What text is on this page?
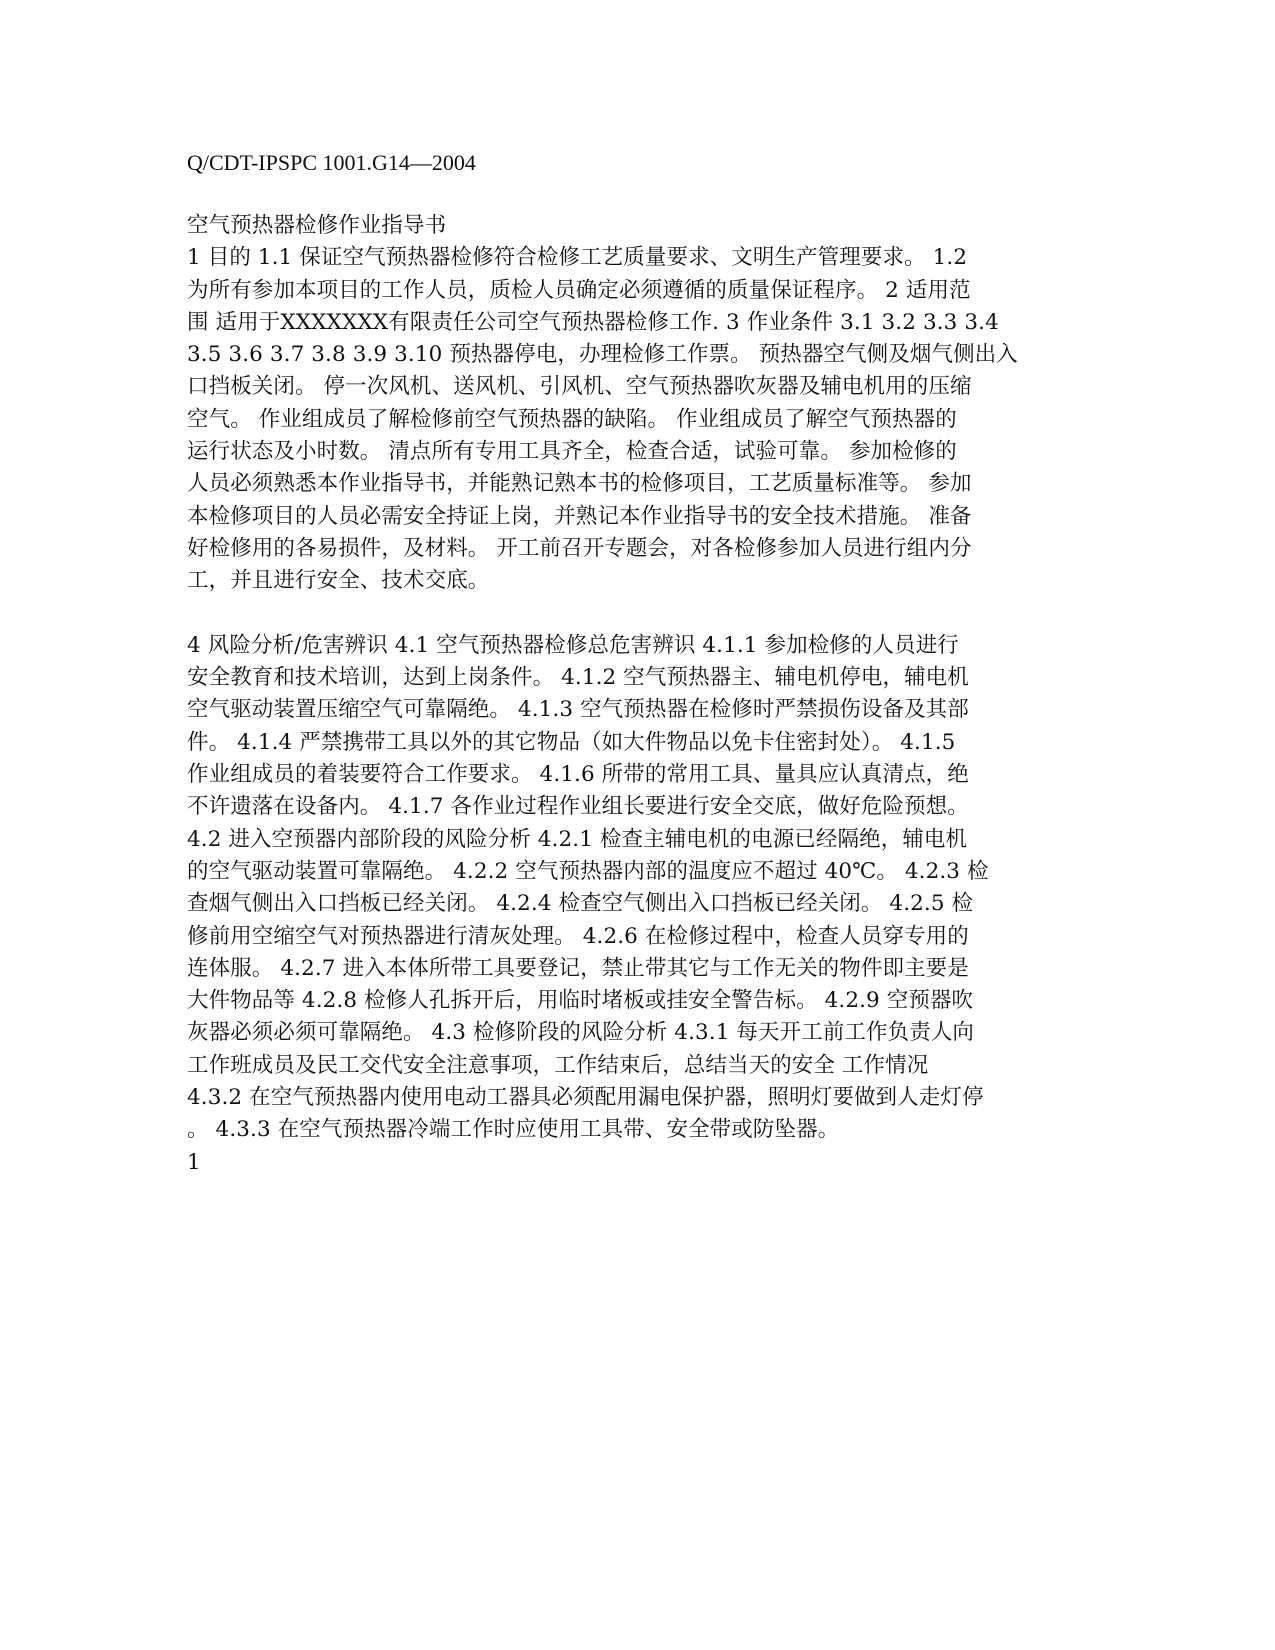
Q/CDT-IPSPC 1001.G14—2004
空气预热器检修作业指导书
1 目的 1.1 保证空气预热器检修符合检修工艺质量要求、文明生产管理要求。 1.2
为所有参加本项目的工作人员，质检人员确定必须遵循的质量保证程序。 2 适用范
围 适用于XXXXXXX有限责任公司空气预热器检修工作. 3 作业条件 3.1 3.2 3.3 3.4
3.5 3.6 3.7 3.8 3.9 3.10 预热器停电，办理检修工作票。 预热器空气侧及烟气侧出入
口挡板关闭。 停一次风机、送风机、引风机、空气预热器吹灰器及辅电机用的压缩
空气。 作业组成员了解检修前空气预热器的缺陷。 作业组成员了解空气预热器的
运行状态及小时数。 清点所有专用工具齐全，检查合适，试验可靠。 参加检修的
人员必须熟悉本作业指导书，并能熟记熟本书的检修项目，工艺质量标准等。 参加
本检修项目的人员必需安全持证上岗，并熟记本作业指导书的安全技术措施。 准备
好检修用的各易损件，及材料。 开工前召开专题会，对各检修参加人员进行组内分
工，并且进行安全、技术交底。
4 风险分析/危害辨识 4.1 空气预热器检修总危害辨识 4.1.1 参加检修的人员进行
安全教育和技术培训，达到上岗条件。 4.1.2 空气预热器主、辅电机停电，辅电机
空气驱动装置压缩空气可靠隔绝。 4.1.3 空气预热器在检修时严禁损伤设备及其部
件。 4.1.4 严禁携带工具以外的其它物品（如大件物品以免卡住密封处）。 4.1.5
作业组成员的着装要符合工作要求。 4.1.6 所带的常用工具、量具应认真清点，绝
不许遗落在设备内。 4.1.7 各作业过程作业组长要进行安全交底，做好危险预想。
4.2 进入空预器内部阶段的风险分析 4.2.1 检查主辅电机的电源已经隔绝，辅电机
的空气驱动装置可靠隔绝。 4.2.2 空气预热器内部的温度应不超过 40℃。 4.2.3 检
查烟气侧出入口挡板已经关闭。 4.2.4 检查空气侧出入口挡板已经关闭。 4.2.5 检
修前用空缩空气对预热器进行清灰处理。 4.2.6 在检修过程中，检查人员穿专用的
连体服。 4.2.7 进入本体所带工具要登记，禁止带其它与工作无关的物件即主要是
大件物品等 4.2.8 检修人孔拆开后，用临时堵板或挂安全警告标。 4.2.9 空预器吹
灰器必须必须可靠隔绝。 4.3 检修阶段的风险分析 4.3.1 每天开工前工作负责人向
工作班成员及民工交代安全注意事项，工作结束后，总结当天的安全 工作情况
4.3.2 在空气预热器内使用电动工器具必须配用漏电保护器，照明灯要做到人走灯停
。 4.3.3 在空气预热器冷端工作时应使用工具带、安全带或防坠器。
1
